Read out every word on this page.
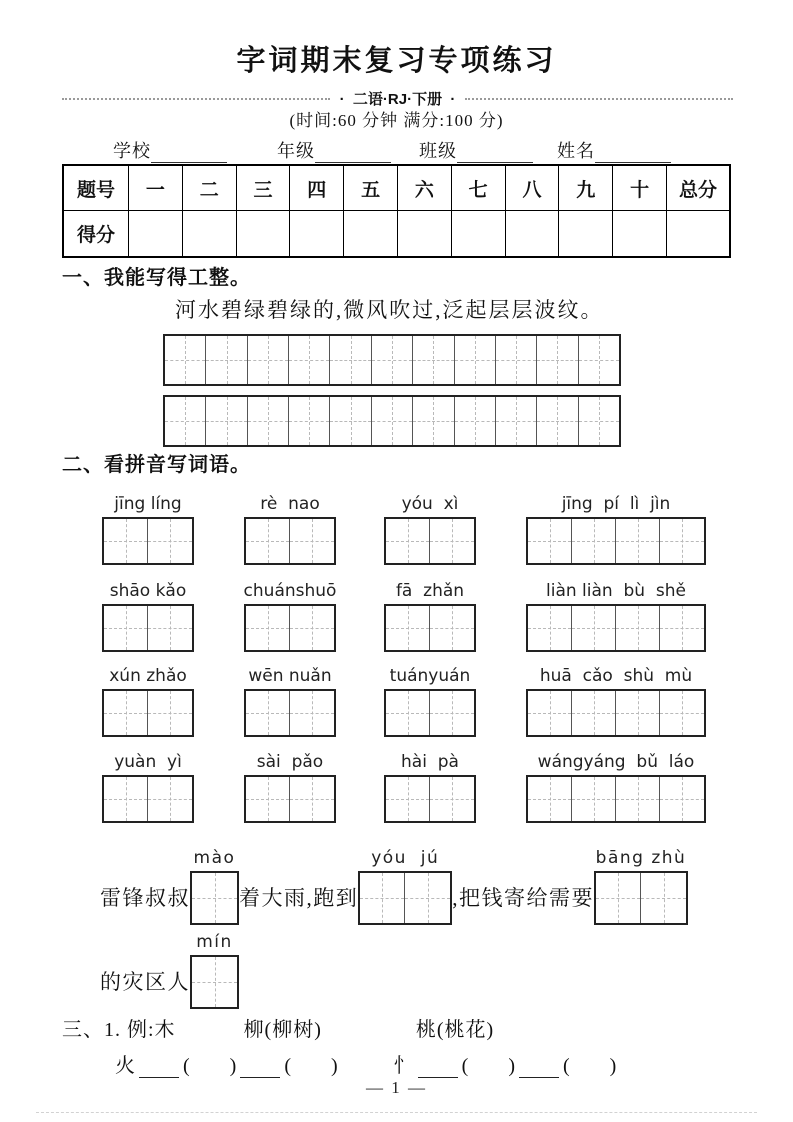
字词期末复习专项练习
·  二语·RJ·下册  ·
(时间:60 分钟 满分:100 分)
学校	年级	班级	姓名
题号	一	二	三	四	五	六	七	八	九	十	总分
得分											
一、我能写得工整。
河水碧绿碧绿的,微风吹过,泛起层层波纹。
二、看拼音写词语。
jīng líng	rè  nao	yóu  xì	jīng  pí  lì  jìn
shāo kǎo	chuánshuō	fā  zhǎn	liàn liàn  bù  shě
xún zhǎo	wēn nuǎn	tuányuán	huā  cǎo  shù  mù
yuàn  yì	sài  pǎo	hài  pà	wángyáng  bǔ  láo
雷锋叔叔
mào
着大雨,跑到
yóu  jú
,把钱寄给需要
bāng zhù
的灾区人
mín
三、1. 例:木	柳(柳树)	桃(桃花)
火 (　　) (　　)	忄 (　　) (　　)
— 1 —
